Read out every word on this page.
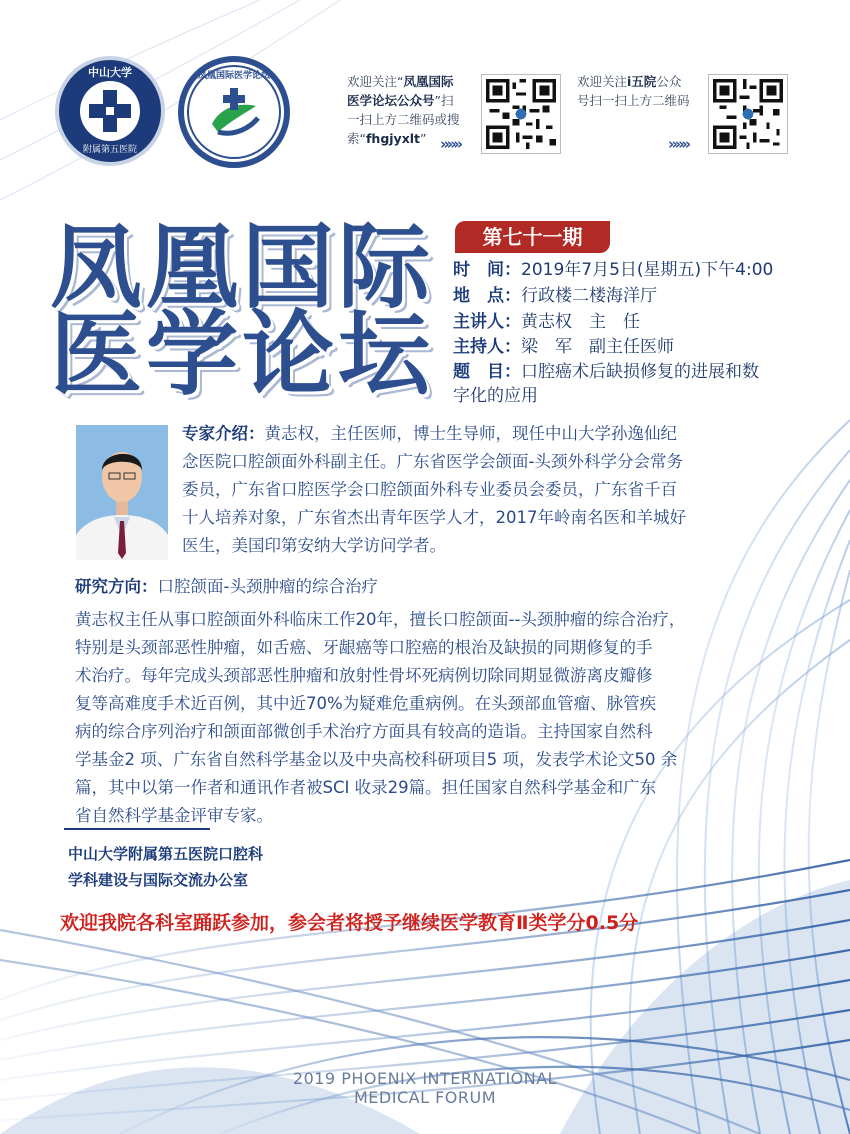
中山大学
附属第五医院
凤凰国际医学论坛	欢迎关注“凤凰国际
医学论坛公众号”扫
一扫上方二维码或搜
索“fhgjyxlt” »»»
欢迎关注i五院公众
号扫一扫上方二维码
»»»
凤凰国际
医学论坛
第七十一期
时　间：2019年7月5日(星期五)下午4:00
地　点：行政楼二楼海洋厅
主讲人：黄志权　主　任
主持人：梁　军　副主任医师
题　目：口腔癌术后缺损修复的进展和数
字化的应用
专家介绍：黄志权，主任医师，博士生导师，现任中山大学孙逸仙纪
念医院口腔颌面外科副主任。广东省医学会颌面-头颈外科学分会常务
委员，广东省口腔医学会口腔颌面外科专业委员会委员，广东省千百
十人培养对象，广东省杰出青年医学人才，2017年岭南名医和羊城好
医生，美国印第安纳大学访问学者。
研究方向：口腔颌面-头颈肿瘤的综合治疗
黄志权主任从事口腔颌面外科临床工作20年，擅长口腔颌面--头颈肿瘤的综合治疗，
特别是头颈部恶性肿瘤，如舌癌、牙龈癌等口腔癌的根治及缺损的同期修复的手
术治疗。每年完成头颈部恶性肿瘤和放射性骨坏死病例切除同期显微游离皮瓣修
复等高难度手术近百例，其中近70%为疑难危重病例。在头颈部血管瘤、脉管疾
病的综合序列治疗和颌面部微创手术治疗方面具有较高的造诣。主持国家自然科
学基金2 项、广东省自然科学基金以及中央高校科研项目5 项，发表学术论文50 余
篇，其中以第一作者和通讯作者被SCI 收录29篇。担任国家自然科学基金和广东
省自然科学基金评审专家。
中山大学附属第五医院口腔科
学科建设与国际交流办公室
欢迎我院各科室踊跃参加，参会者将授予继续医学教育Ⅱ类学分0.5分
2019 PHOENIX INTERNATIONAL
MEDICAL FORUM
